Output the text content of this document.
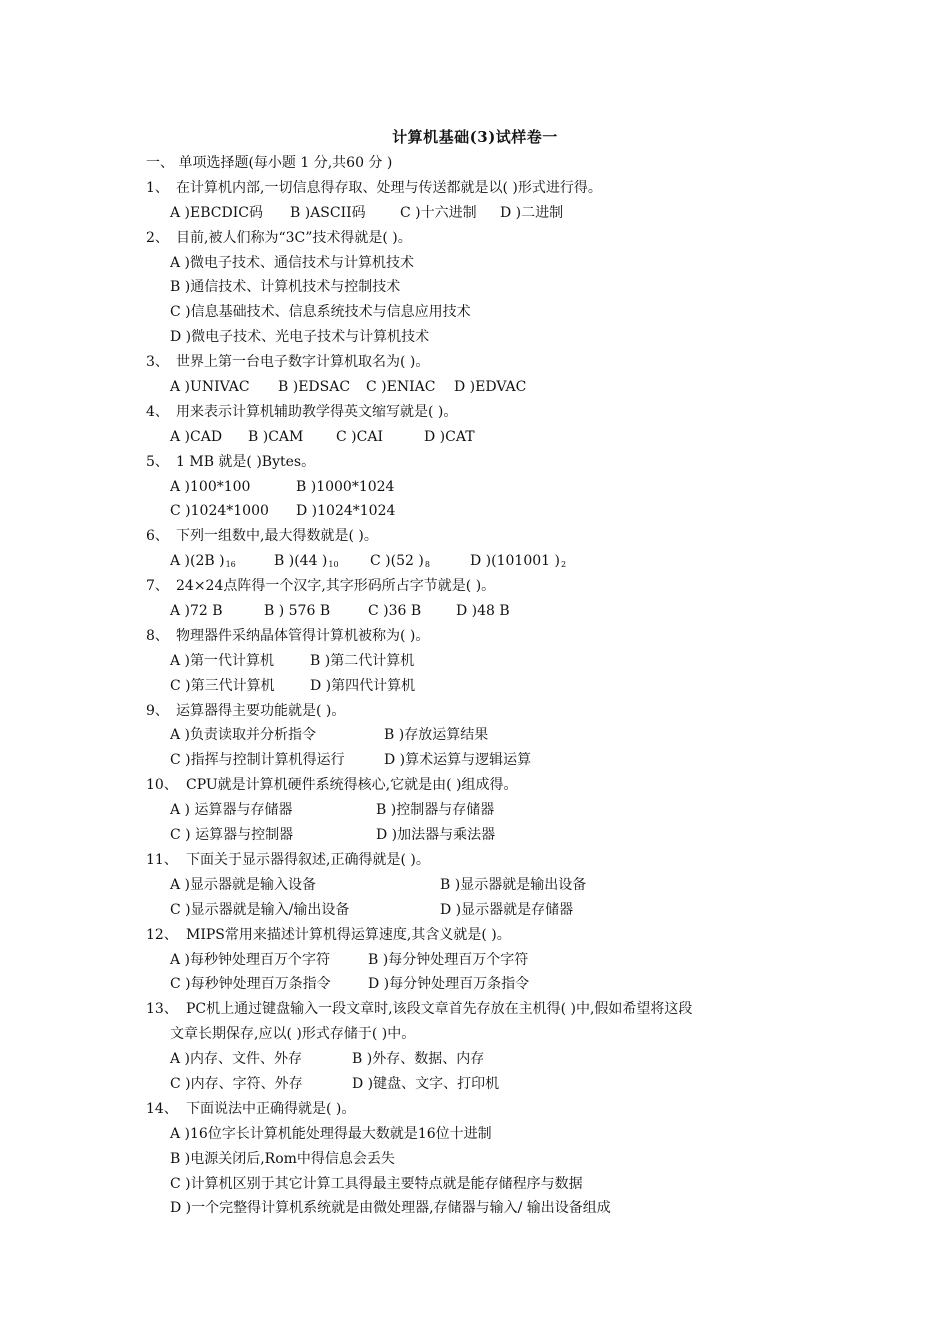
计算机基础(3)试样卷一
一、 单项选择题(每小题 1 分,共60 分 )
1、 在计算机内部,一切信息得存取、处理与传送都就是以( )形式进行得。
A )EBCDIC码 B )ASCII码 C )十六进制 D )二进制
2、 目前,被人们称为“3C”技术得就是( )。
A )微电子技术、通信技术与计算机技术
B )通信技术、计算机技术与控制技术
C )信息基础技术、信息系统技术与信息应用技术
D )微电子技术、光电子技术与计算机技术
3、 世界上第一台电子数字计算机取名为( )。
A )UNIVAC B )EDSAC C )ENIAC D )EDVAC
4、 用来表示计算机辅助教学得英文缩写就是( )。
A )CAD B )CAM C )CAI	D )CAT
5、 1 MB 就是( )Bytes。
A )100*100	B )1000*1024
C )1024*1000 D )1024*1024
6、 下列一组数中,最大得数就是( )。
A )(2B )$_{16}$	B )(44 )$_{10}$ C )(52 )$_8$	D )(101001 )$_2$
7、 24×24点阵得一个汉字,其字形码所占字节就是( )。
A )72 B	B ) 576 B	C )36 B D )48 B
8、 物理器件采纳晶体管得计算机被称为( )。
A )第一代计算机	B )第二代计算机
C )第三代计算机	D )第四代计算机
9、 运算器得主要功能就是( )。
A )负责读取并分析指令	B )存放运算结果
C )指挥与控制计算机得运行	D )算术运算与逻辑运算
10、 CPU就是计算机硬件系统得核心,它就是由( )组成得。
A ) 运算器与存储器	B )控制器与存储器
C ) 运算器与控制器	D )加法器与乘法器
11、 下面关于显示器得叙述,正确得就是( )。
A )显示器就是输入设备	B )显示器就是输出设备
C )显示器就是输入/输出设备	D )显示器就是存储器
12、 MIPS常用来描述计算机得运算速度,其含义就是( )。
A )每秒钟处理百万个字符	B )每分钟处理百万个字符
C )每秒钟处理百万条指令	D )每分钟处理百万条指令
13、 PC机上通过键盘输入一段文章时,该段文章首先存放在主机得( )中,假如希望将这段
文章长期保存,应以( )形式存储于( )中。
A )内存、文件、外存	B )外存、数据、内存
C )内存、字符、外存	D )键盘、文字、打印机
14、 下面说法中正确得就是( )。
A )16位字长计算机能处理得最大数就是16位十进制
B )电源关闭后,Rom中得信息会丢失
C )计算机区别于其它计算工具得最主要特点就是能存储程序与数据
D )一个完整得计算机系统就是由微处理器,存储器与输入/ 输出设备组成
